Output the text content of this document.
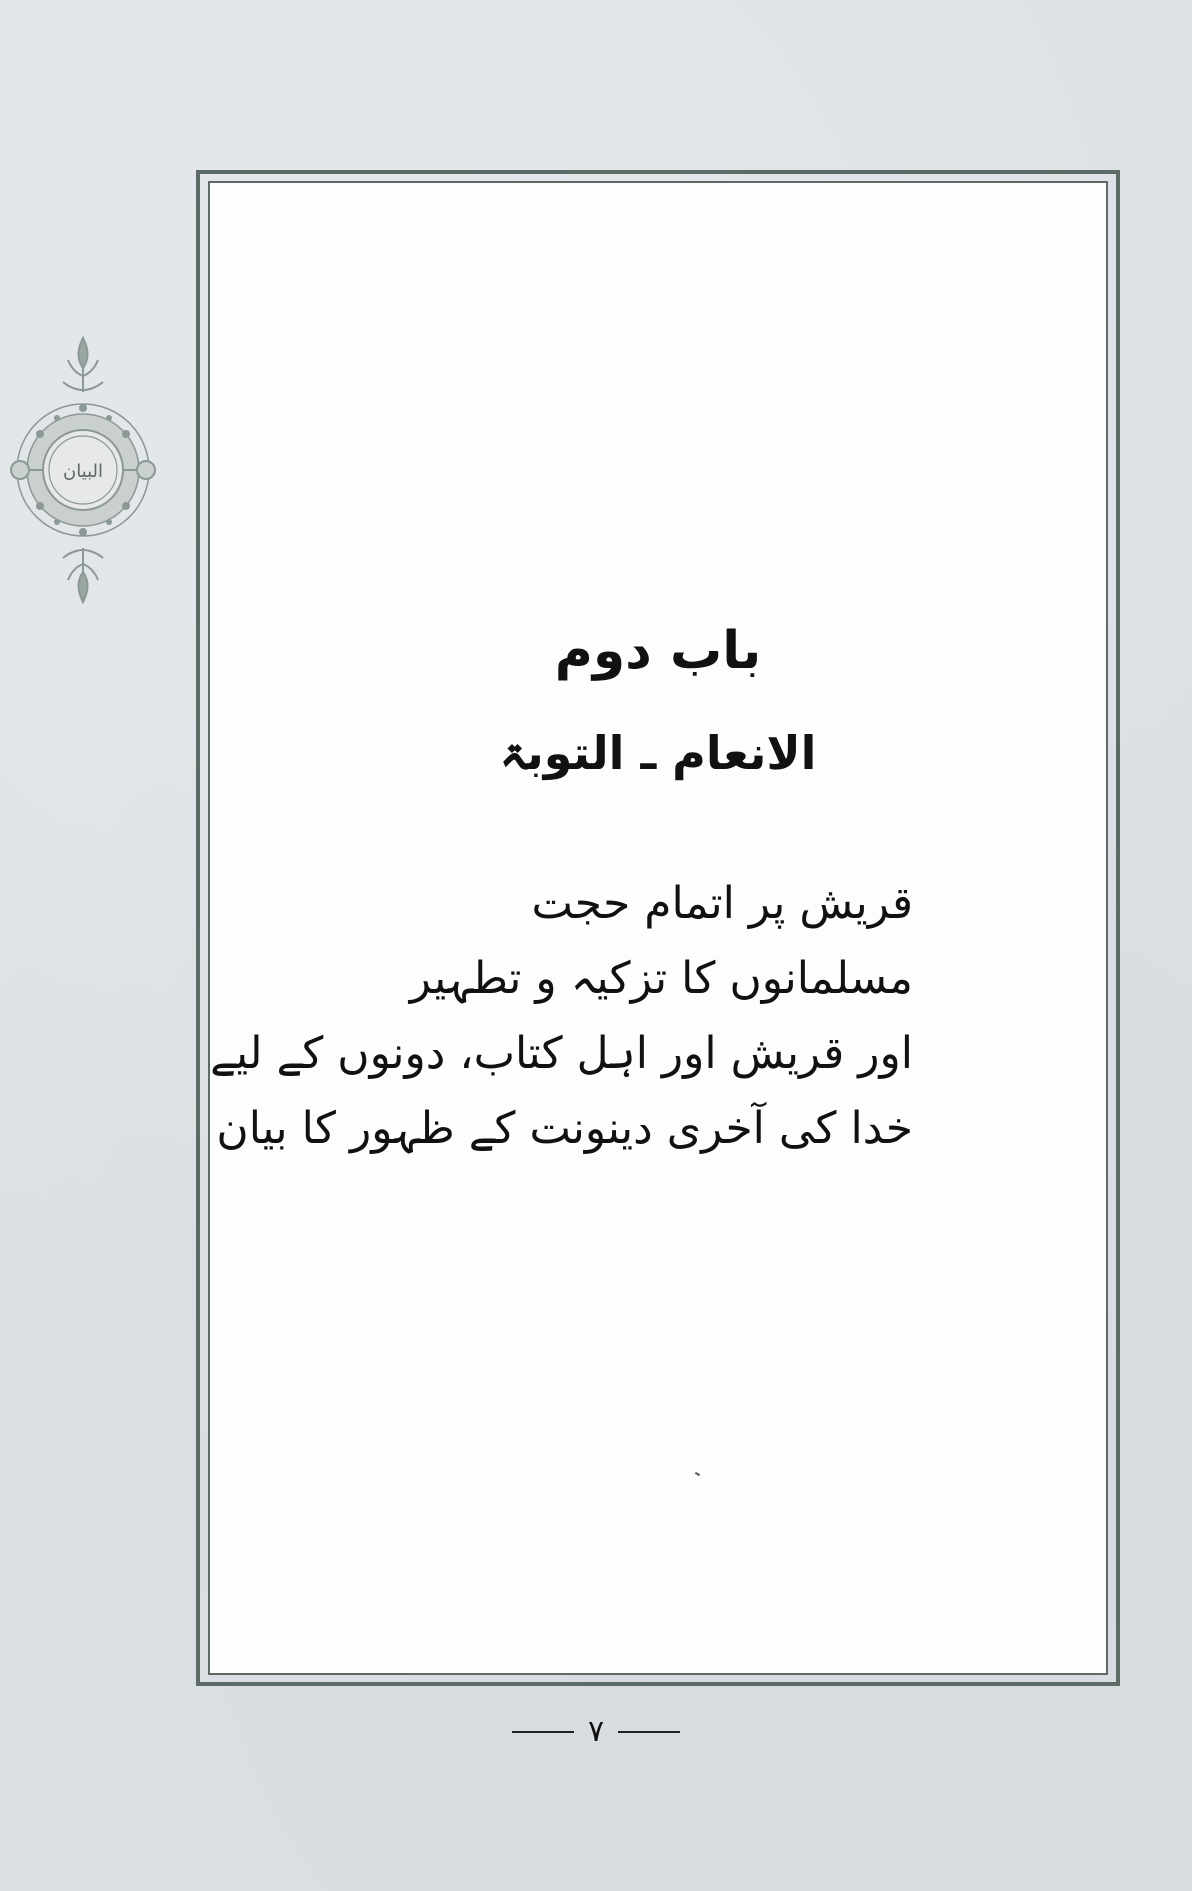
البیان
باب دوم
الانعام ـ التوبۃ
قریش پر اتمام حجت
مسلمانوں کا تزکیہ و تطہیر
اور قریش اور اہل کتاب، دونوں کے لیے
خدا کی آخری دینونت کے ظہور کا بیان
۷
